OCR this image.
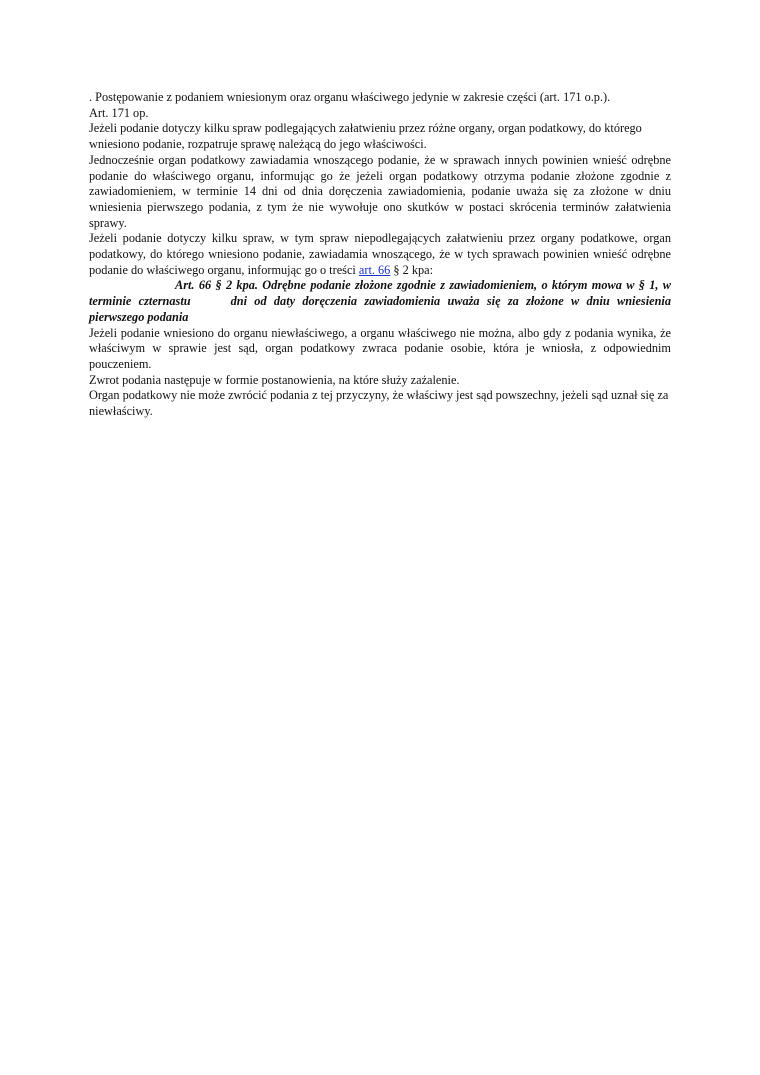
. Postępowanie z podaniem wniesionym oraz organu właściwego jedynie w zakresie części (art. 171 o.p.).

Art. 171 op.

Jeżeli podanie dotyczy kilku spraw podlegających załatwieniu przez różne organy, organ podatkowy, do którego wniesiono podanie, rozpatruje sprawę należącą do jego właściwości.

Jednocześnie organ podatkowy zawiadamia wnoszącego podanie, że w sprawach innych powinien wnieść odrębne podanie do właściwego organu, informując go że jeżeli organ podatkowy otrzyma podanie złożone zgodnie z zawiadomieniem, w terminie 14 dni od dnia doręczenia zawiadomienia, podanie uważa się za złożone w dniu wniesienia pierwszego podania, z tym że nie wywołuje ono skutków w postaci skrócenia terminów załatwienia sprawy.

Jeżeli podanie dotyczy kilku spraw, w tym spraw niepodlegających załatwieniu przez organy podatkowe, organ podatkowy, do którego wniesiono podanie, zawiadamia wnoszącego, że w tych sprawach powinien wnieść odrębne podanie do właściwego organu, informując go o treści art. 66 § 2 kpa:

Art. 66 § 2 kpa. Odrębne podanie złożone zgodnie z zawiadomieniem, o którym mowa w § 1, w terminie czternastu	dni od daty doręczenia zawiadomienia uważa się za złożone w dniu wniesienia pierwszego podania

Jeżeli podanie wniesiono do organu niewłaściwego, a organu właściwego nie można, albo gdy z podania wynika, że właściwym w sprawie jest sąd, organ podatkowy zwraca podanie osobie, która je wniosła, z odpowiednim pouczeniem.

Zwrot podania następuje w formie postanowienia, na które służy zażalenie.

Organ podatkowy nie może zwrócić podania z tej przyczyny, że właściwy jest sąd powszechny, jeżeli sąd uznał się za niewłaściwy.
